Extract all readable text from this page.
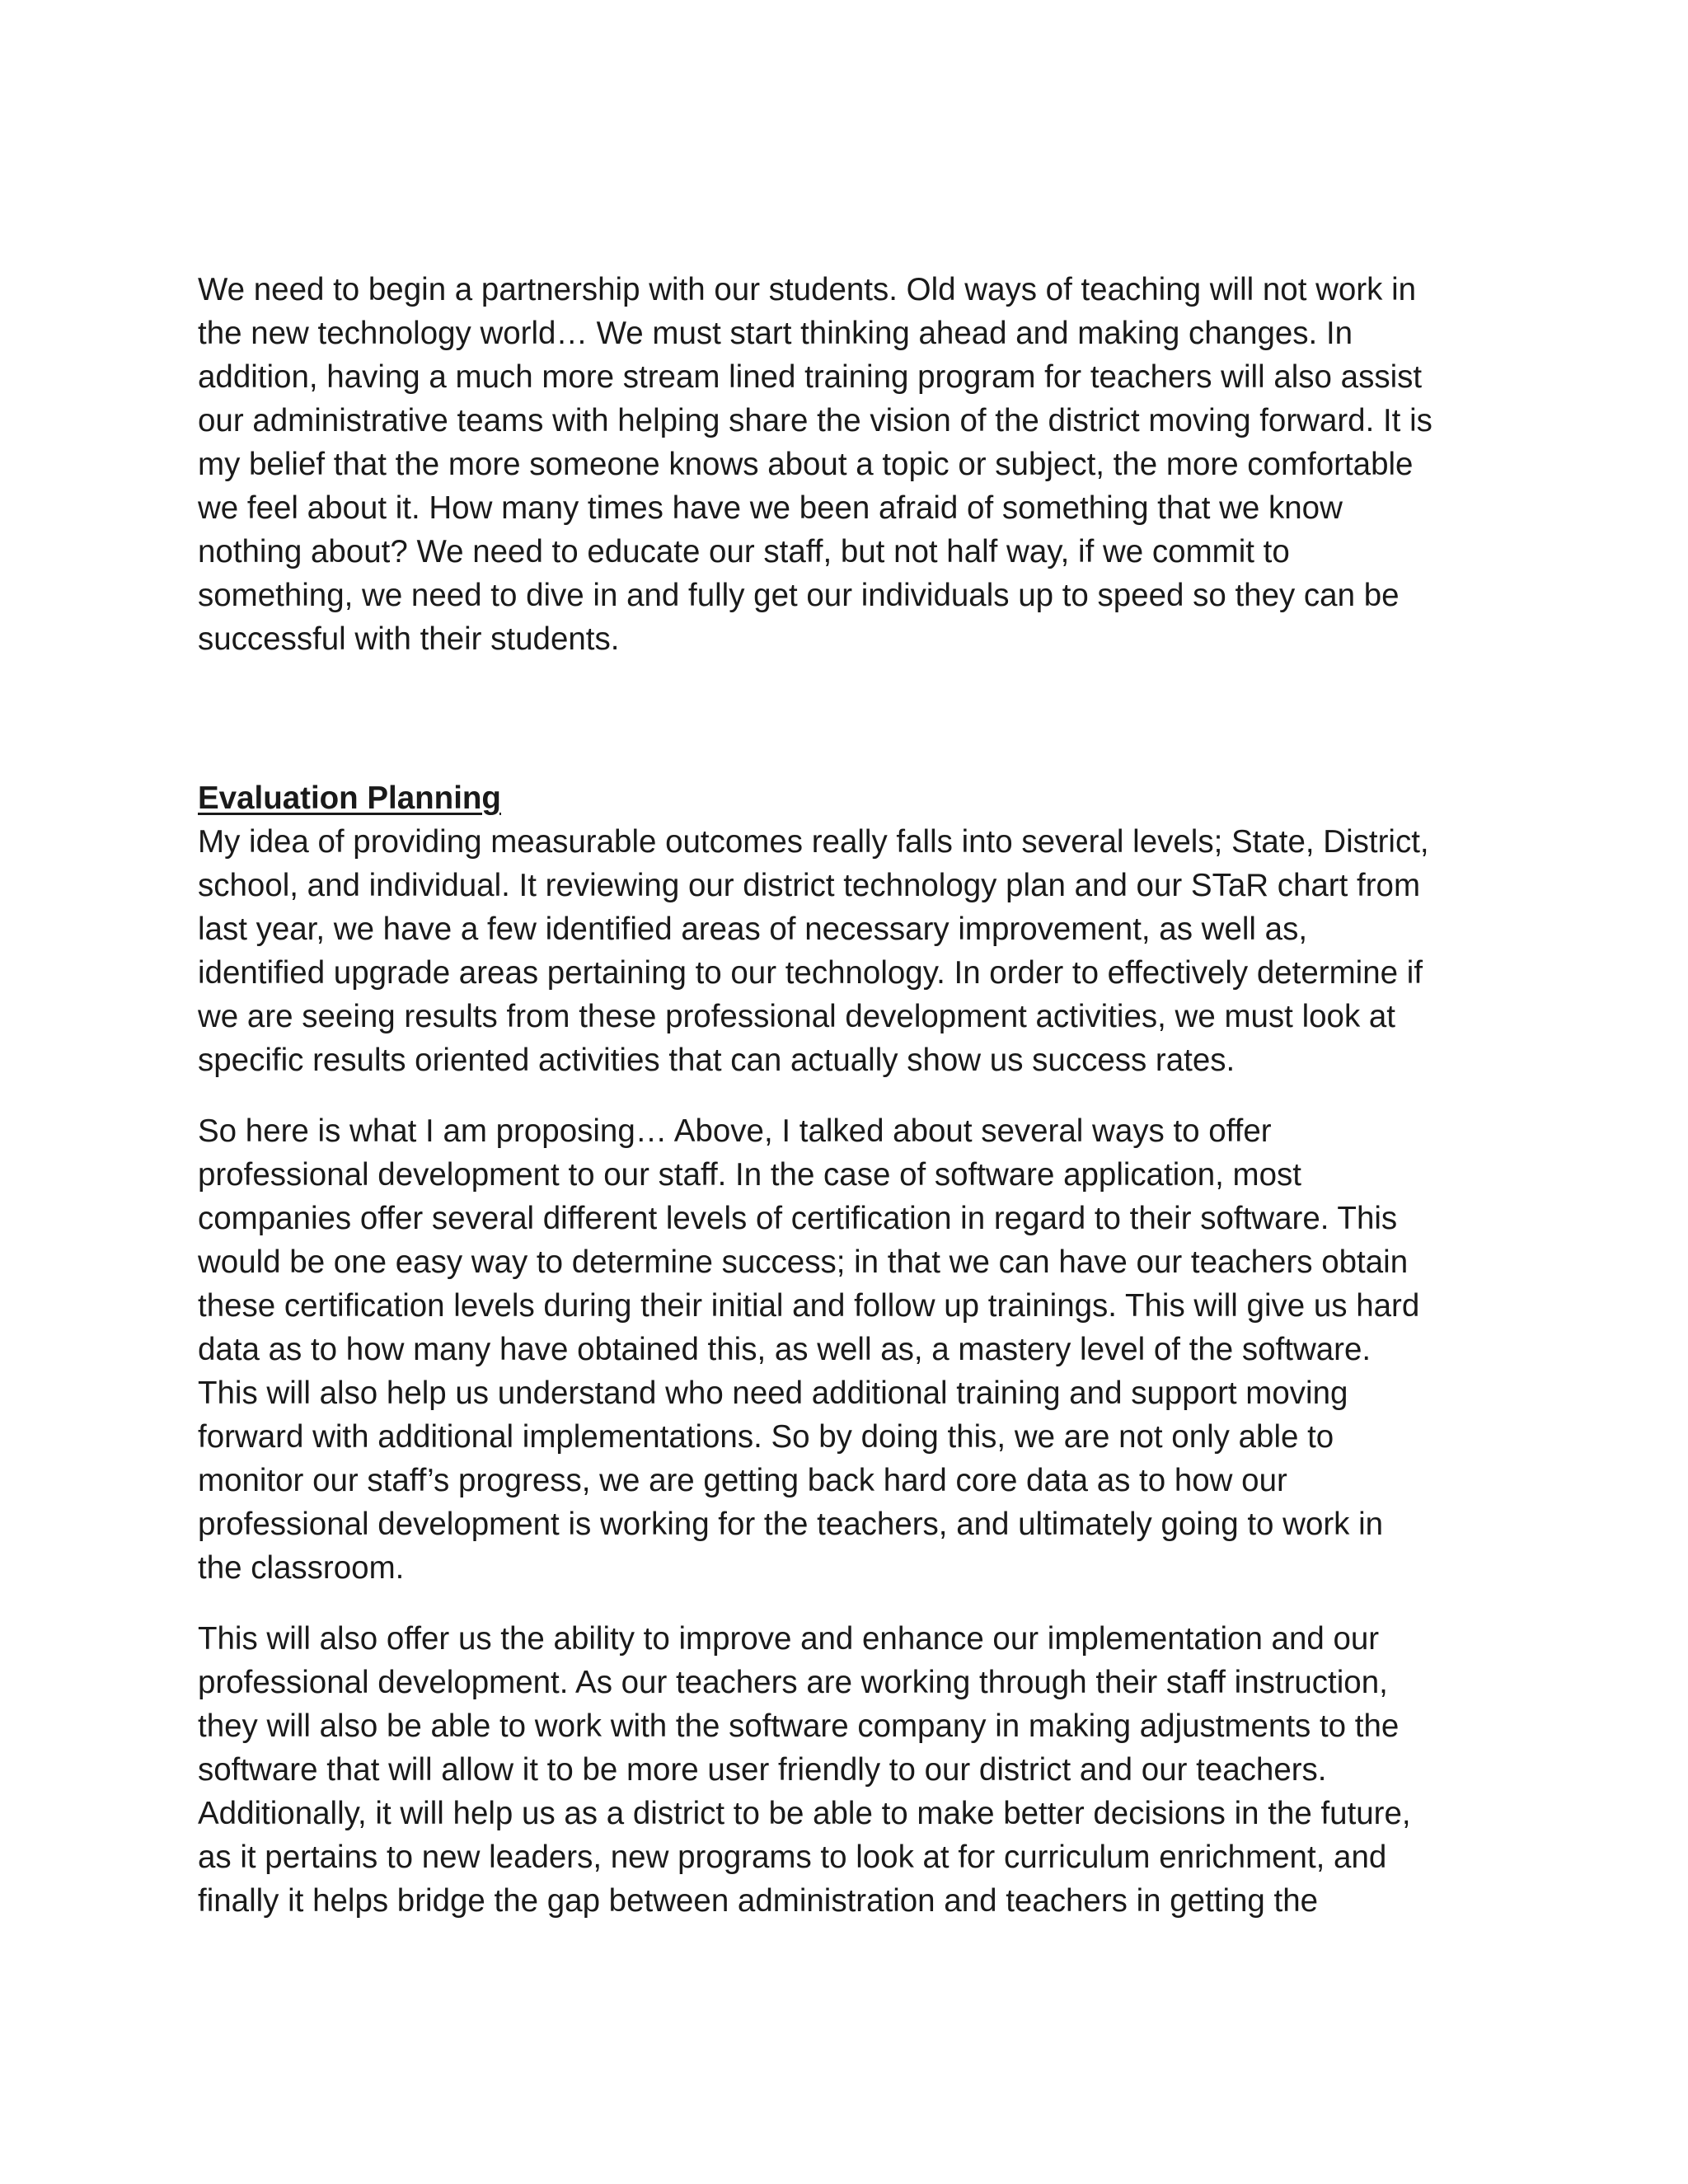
We need to begin a partnership with our students. Old ways of teaching will not work in
the new technology world… We must start thinking ahead and making changes. In
addition, having a much more stream lined training program for teachers will also assist
our administrative teams with helping share the vision of the district moving forward. It is
my belief that the more someone knows about a topic or subject, the more comfortable
we feel about it. How many times have we been afraid of something that we know
nothing about? We need to educate our staff, but not half way, if we commit to
something, we need to dive in and fully get our individuals up to speed so they can be
successful with their students.

Evaluation Planning

My idea of providing measurable outcomes really falls into several levels; State, District,
school, and individual. It reviewing our district technology plan and our STaR chart from
last year, we have a few identified areas of necessary improvement, as well as,
identified upgrade areas pertaining to our technology. In order to effectively determine if
we are seeing results from these professional development activities, we must look at
specific results oriented activities that can actually show us success rates.

So here is what I am proposing… Above, I talked about several ways to offer
professional development to our staff. In the case of software application, most
companies offer several different levels of certification in regard to their software. This
would be one easy way to determine success; in that we can have our teachers obtain
these certification levels during their initial and follow up trainings. This will give us hard
data as to how many have obtained this, as well as, a mastery level of the software.
This will also help us understand who need additional training and support moving
forward with additional implementations. So by doing this, we are not only able to
monitor our staff’s progress, we are getting back hard core data as to how our
professional development is working for the teachers, and ultimately going to work in
the classroom.

This will also offer us the ability to improve and enhance our implementation and our
professional development. As our teachers are working through their staff instruction,
they will also be able to work with the software company in making adjustments to the
software that will allow it to be more user friendly to our district and our teachers.
Additionally, it will help us as a district to be able to make better decisions in the future,
as it pertains to new leaders, new programs to look at for curriculum enrichment, and
finally it helps bridge the gap between administration and teachers in getting the
